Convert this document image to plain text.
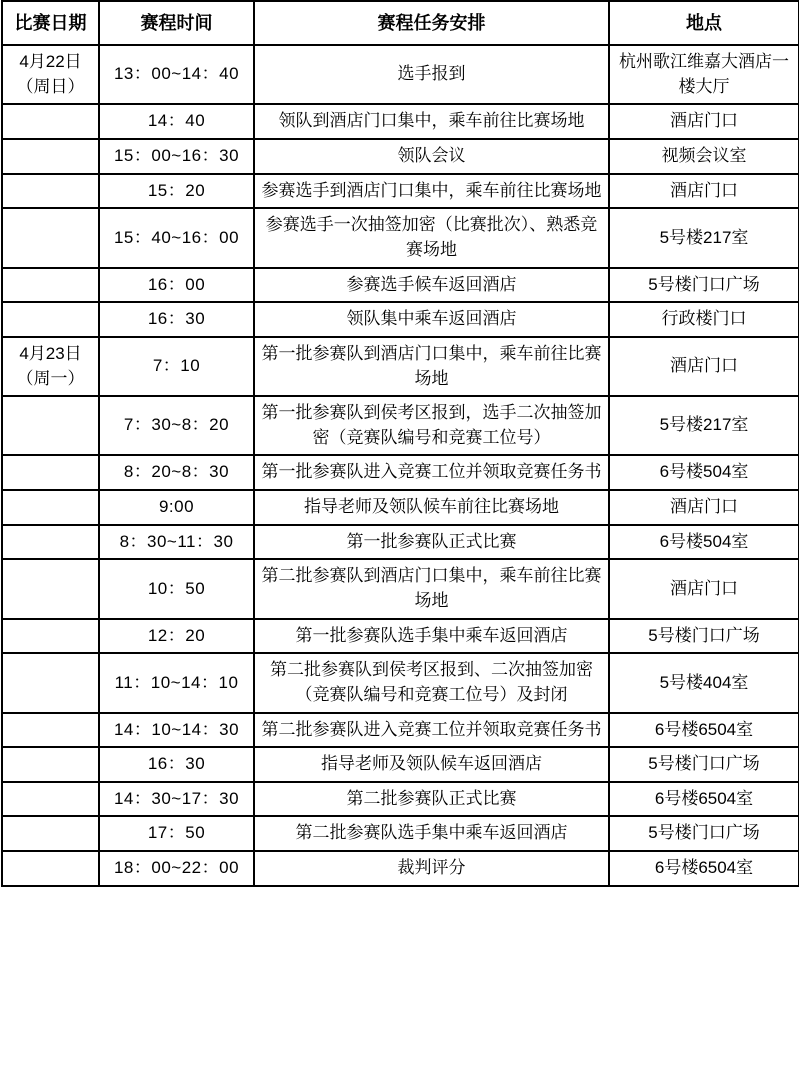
比赛日期	赛程时间	赛程任务安排	地点
4月22日（周日）	13：00~14：40	选手报到	杭州歌江维嘉大酒店一楼大厅
	14：40	领队到酒店门口集中，乘车前往比赛场地	酒店门口
	15：00~16：30	领队会议	视频会议室
	15：20	参赛选手到酒店门口集中，乘车前往比赛场地	酒店门口
	15：40~16：00	参赛选手一次抽签加密（比赛批次）、熟悉竞赛场地	5号楼217室
	16：00	参赛选手候车返回酒店	5号楼门口广场
	16：30	领队集中乘车返回酒店	行政楼门口
4月23日（周一）	7：10	第一批参赛队到酒店门口集中，乘车前往比赛场地	酒店门口
	7：30~8：20	第一批参赛队到侯考区报到，选手二次抽签加密（竞赛队编号和竞赛工位号）	5号楼217室
	8：20~8：30	第一批参赛队进入竞赛工位并领取竞赛任务书	6号楼504室
	9:00	指导老师及领队候车前往比赛场地	酒店门口
	8：30~11：30	第一批参赛队正式比赛	6号楼504室
	10：50	第二批参赛队到酒店门口集中，乘车前往比赛场地	酒店门口
	12：20	第一批参赛队选手集中乘车返回酒店	5号楼门口广场
	11：10~14：10	第二批参赛队到侯考区报到、二次抽签加密（竞赛队编号和竞赛工位号）及封闭	5号楼404室
	14：10~14：30	第二批参赛队进入竞赛工位并领取竞赛任务书	6号楼6504室
	16：30	指导老师及领队候车返回酒店	5号楼门口广场
	14：30~17：30	第二批参赛队正式比赛	6号楼6504室
	17：50	第二批参赛队选手集中乘车返回酒店	5号楼门口广场
	18：00~22：00	裁判评分	6号楼6504室
